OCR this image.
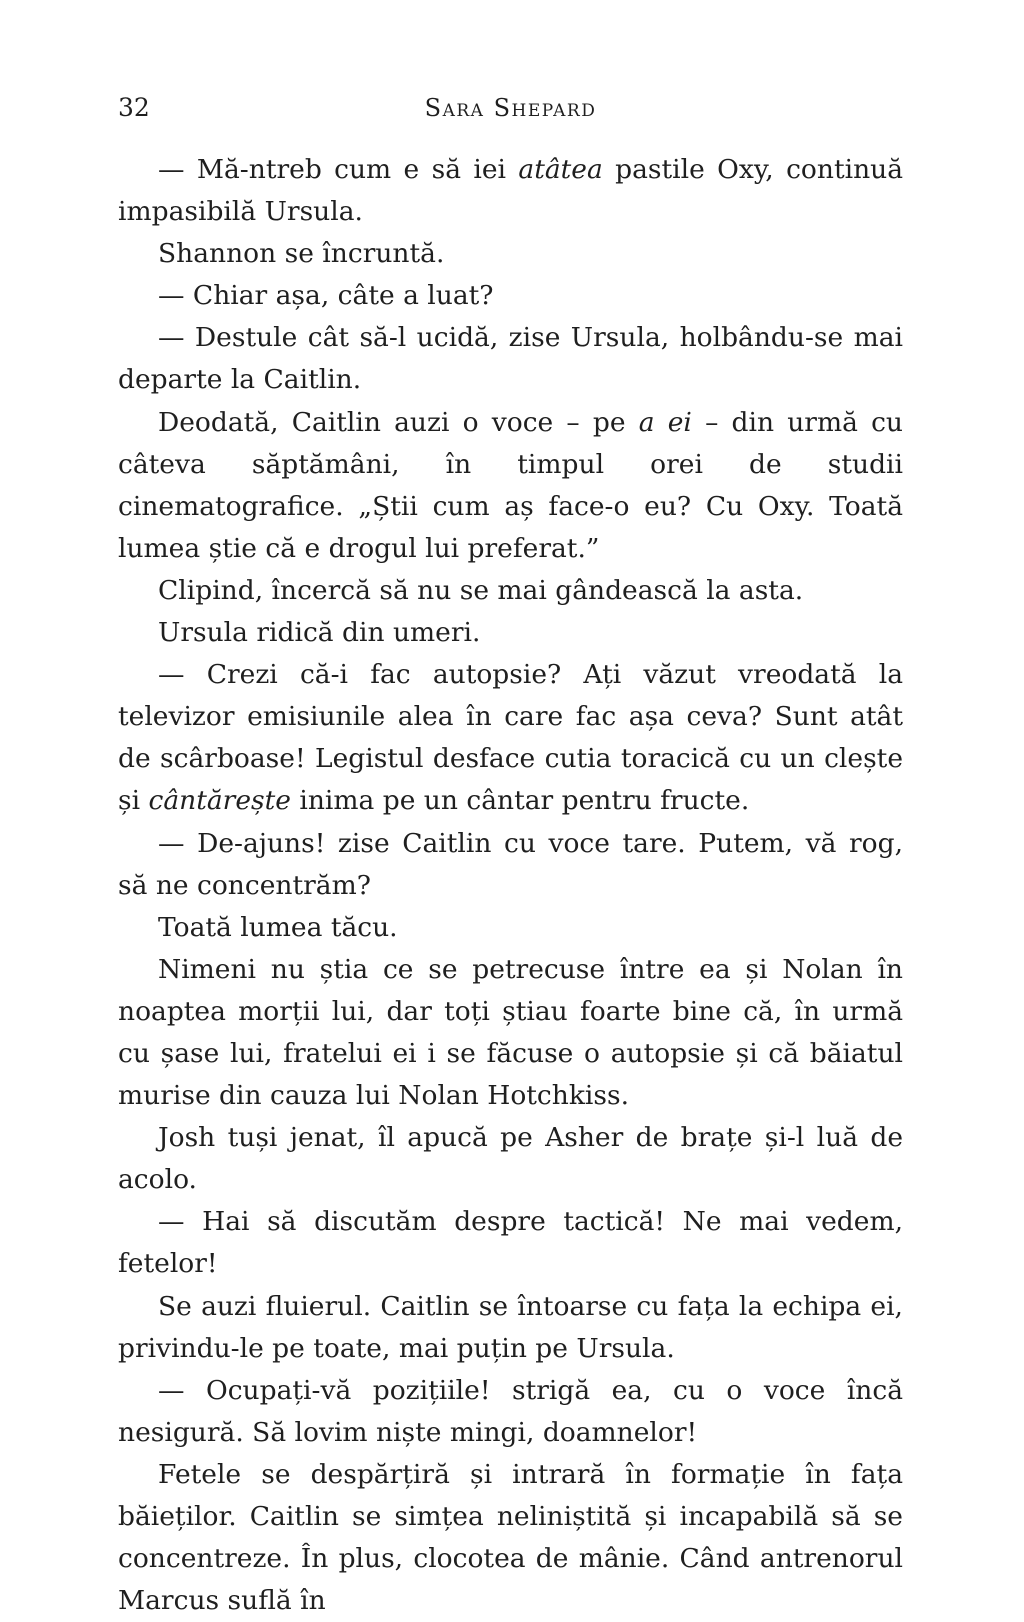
32	Sara Shepard

— Mă-ntreb cum e să iei atâtea pastile Oxy, continuă impasibilă Ursula.

Shannon se încruntă.

— Chiar așa, câte a luat?

— Destule cât să-l ucidă, zise Ursula, holbându-se mai departe la Caitlin.

Deodată, Caitlin auzi o voce – pe a ei – din urmă cu câteva săptămâni, în timpul orei de studii cinematografice. „Știi cum aș face-o eu? Cu Oxy. Toată lumea știe că e drogul lui preferat.”

Clipind, încercă să nu se mai gândească la asta.

Ursula ridică din umeri.

— Crezi că-i fac autopsie? Ați văzut vreodată la televizor emisiunile alea în care fac așa ceva? Sunt atât de scârboase! Legistul desface cutia toracică cu un clește și cântărește inima pe un cântar pentru fructe.

— De-ajuns! zise Caitlin cu voce tare. Putem, vă rog, să ne concentrăm?

Toată lumea tăcu.

Nimeni nu știa ce se petrecuse între ea și Nolan în noaptea morții lui, dar toți știau foarte bine că, în urmă cu șase lui, fratelui ei i se făcuse o autopsie și că băiatul murise din cauza lui Nolan Hotchkiss.

Josh tuși jenat, îl apucă pe Asher de brațe și-l luă de acolo.

— Hai să discutăm despre tactică! Ne mai vedem, fetelor!

Se auzi fluierul. Caitlin se întoarse cu fața la echipa ei, privindu-le pe toate, mai puțin pe Ursula.

— Ocupați-vă pozițiile! strigă ea, cu o voce încă nesigură. Să lovim niște mingi, doamnelor!

Fetele se despărțiră și intrară în formație în fața băieților. Caitlin se simțea neliniștită și incapabilă să se concentreze. În plus, clocotea de mânie. Când antrenorul Marcus suflă în
